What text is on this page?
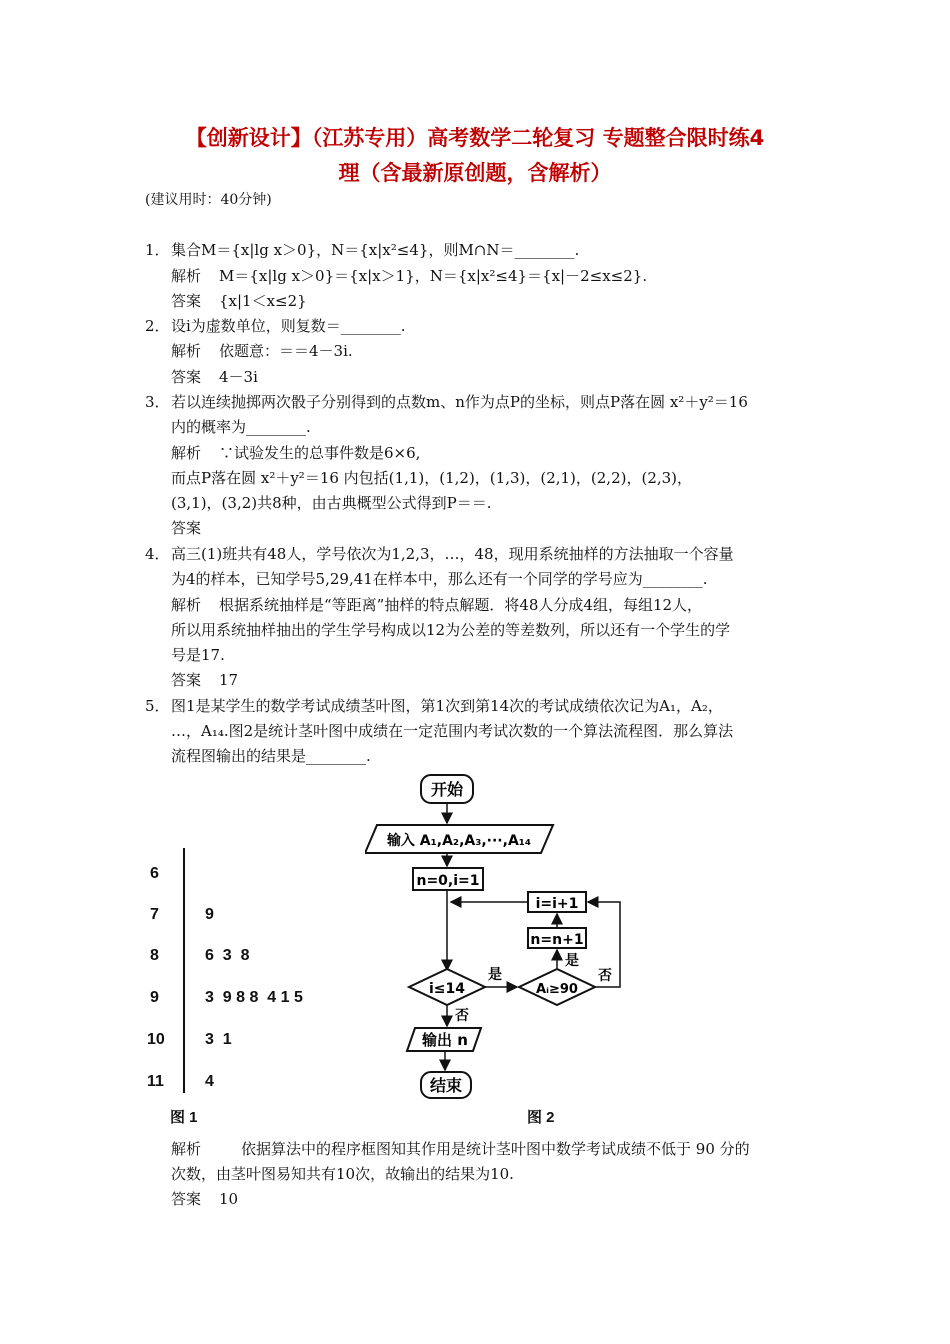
【创新设计】（江苏专用）高考数学二轮复习 专题整合限时练4
理（含最新原创题，含解析）
(建议用时：40分钟)
1．集合M＝{x|lg x＞0}，N＝{x|x²≤4}，则M∩N＝________.
解析 M＝{x|lg x＞0}＝{x|x＞1}，N＝{x|x²≤4}＝{x|－2≤x≤2}.
答案 {x|1＜x≤2}
2．设i为虚数单位，则复数＝________.
解析 依题意：＝＝4－3i.
答案 4－3i
3．若以连续抛掷两次骰子分别得到的点数m、n作为点P的坐标，则点P落在圆 x²＋y²＝16
内的概率为________.
解析 ∵试验发生的总事件数是6×6,
而点P落在圆 x²＋y²＝16 内包括(1,1)，(1,2)，(1,3)，(2,1)，(2,2)，(2,3)，
(3,1)，(3,2)共8种，由古典概型公式得到P＝＝.
答案
4．高三(1)班共有48人，学号依次为1,2,3，…，48，现用系统抽样的方法抽取一个容量
为4的样本，已知学号5,29,41在样本中，那么还有一个同学的学号应为________.
解析 根据系统抽样是“等距离”抽样的特点解题．将48人分成4组，每组12人，
所以用系统抽样抽出的学生学号构成以12为公差的等差数列，所以还有一个学生的学
号是17.
答案 17
5．图1是某学生的数学考试成绩茎叶图，第1次到第14次的考试成绩依次记为A₁，A₂，
…，A₁₄.图2是统计茎叶图中成绩在一定范围内考试次数的一个算法流程图．那么算法
流程图输出的结果是________.
6
7	9
8	6  3  8
9	3  9 8 8  4 1 5
10	3  1
11	4
图 1
开始
输入 A₁,A₂,A₃,···,A₁₄
n=0,i=1
i=i+1
n=n+1
i≤14
是
Aᵢ≥90
是
否
否
输出 n
结束
图 2
解析	依据算法中的程序框图知其作用是统计茎叶图中数学考试成绩不低于 90 分的
次数，由茎叶图易知共有10次，故输出的结果为10.
答案 10
